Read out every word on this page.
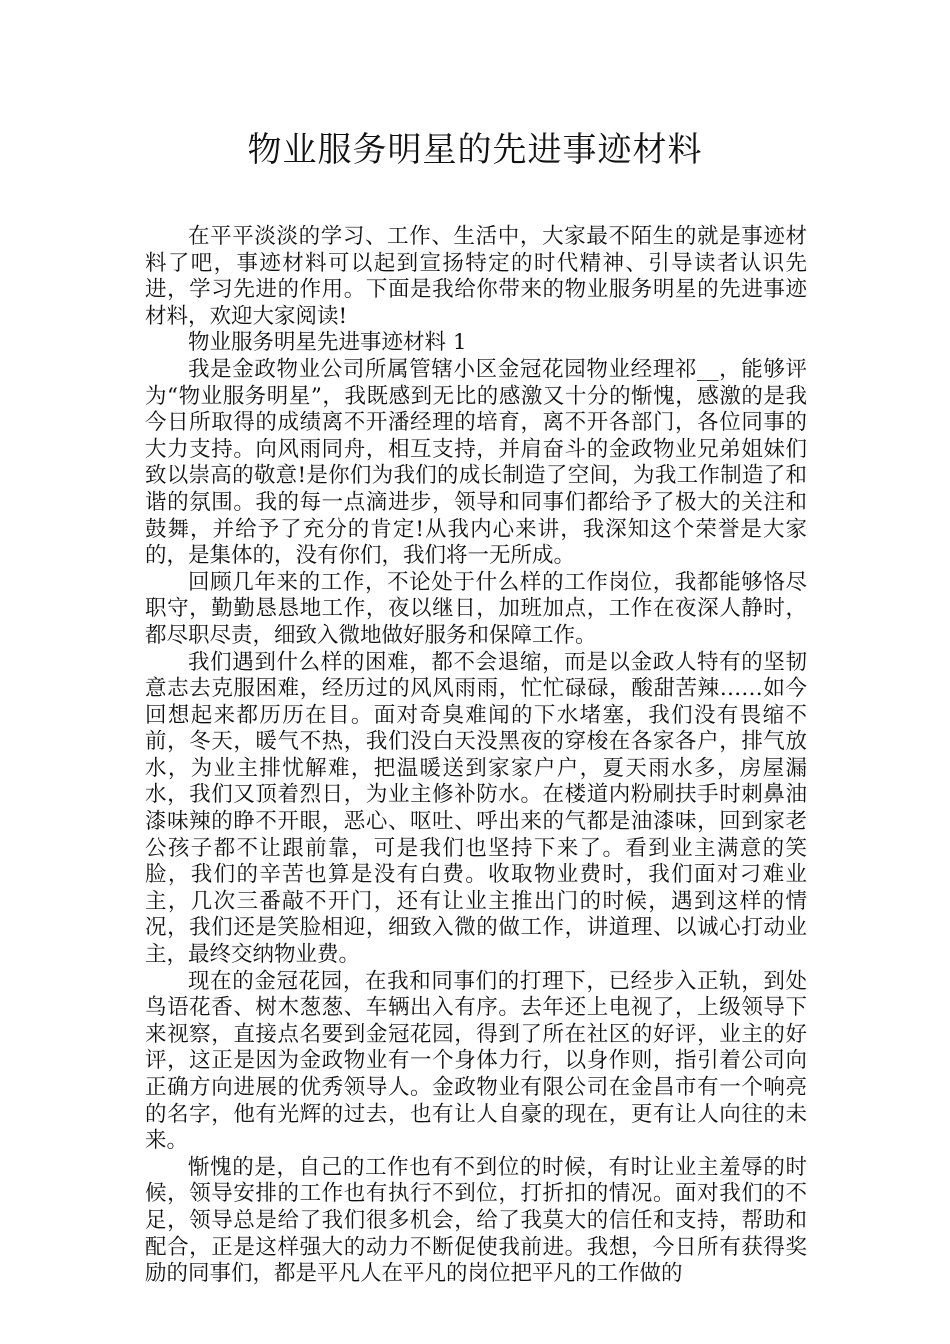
物业服务明星的先进事迹材料

在平平淡淡的学习、工作、生活中，大家最不陌生的就是事迹材料了吧，事迹材料可以起到宣扬特定的时代精神、引导读者认识先进，学习先进的作用。下面是我给你带来的物业服务明星的先进事迹材料，欢迎大家阅读!

物业服务明星先进事迹材料 1

我是金政物业公司所属管辖小区金冠花园物业经理祁__，能够评为“物业服务明星”，我既感到无比的感激又十分的惭愧，感激的是我今日所取得的成绩离不开潘经理的培育，离不开各部门，各位同事的大力支持。向风雨同舟，相互支持，并肩奋斗的金政物业兄弟姐妹们致以崇高的敬意!是你们为我们的成长制造了空间，为我工作制造了和谐的氛围。我的每一点滴进步，领导和同事们都给予了极大的关注和鼓舞，并给予了充分的肯定!从我内心来讲，我深知这个荣誉是大家的，是集体的，没有你们，我们将一无所成。

回顾几年来的工作，不论处于什么样的工作岗位，我都能够恪尽职守，勤勤恳恳地工作，夜以继日，加班加点，工作在夜深人静时，都尽职尽责，细致入微地做好服务和保障工作。

我们遇到什么样的困难，都不会退缩，而是以金政人特有的坚韧意志去克服困难，经历过的风风雨雨，忙忙碌碌，酸甜苦辣……如今回想起来都历历在目。面对奇臭难闻的下水堵塞，我们没有畏缩不前，冬天，暖气不热，我们没白天没黑夜的穿梭在各家各户，排气放水，为业主排忧解难，把温暖送到家家户户，夏天雨水多，房屋漏水，我们又顶着烈日，为业主修补防水。在楼道内粉刷扶手时刺鼻油漆味辣的睁不开眼，恶心、呕吐、呼出来的气都是油漆味，回到家老公孩子都不让跟前靠，可是我们也坚持下来了。看到业主满意的笑脸，我们的辛苦也算是没有白费。收取物业费时，我们面对刁难业主，几次三番敲不开门，还有让业主推出门的时候，遇到这样的情况，我们还是笑脸相迎，细致入微的做工作，讲道理、以诚心打动业主，最终交纳物业费。

现在的金冠花园，在我和同事们的打理下，已经步入正轨，到处鸟语花香、树木葱葱、车辆出入有序。去年还上电视了，上级领导下来视察，直接点名要到金冠花园，得到了所在社区的好评，业主的好评，这正是因为金政物业有一个身体力行，以身作则，指引着公司向正确方向进展的优秀领导人。金政物业有限公司在金昌市有一个响亮的名字，他有光辉的过去，也有让人自豪的现在，更有让人向往的未来。

惭愧的是，自己的工作也有不到位的时候，有时让业主羞辱的时候，领导安排的工作也有执行不到位，打折扣的情况。面对我们的不足，领导总是给了我们很多机会，给了我莫大的信任和支持，帮助和配合，正是这样强大的动力不断促使我前进。我想，今日所有获得奖励的同事们，都是平凡人在平凡的岗位把平凡的工作做的
